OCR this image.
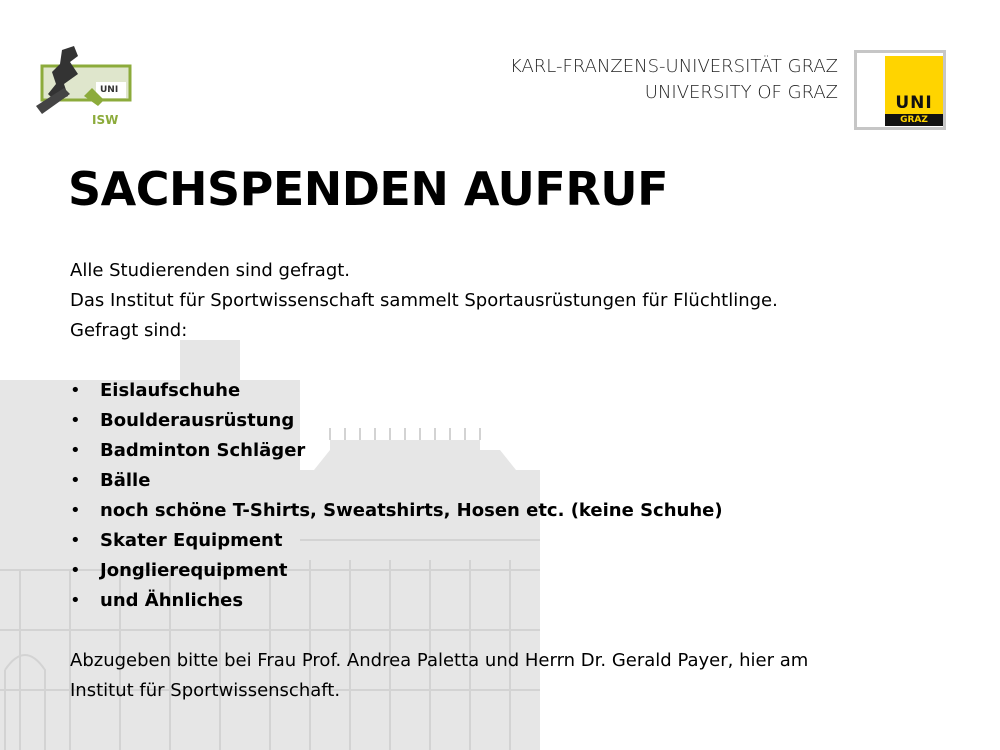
UNI
ISW
KARL-FRANZENS-UNIVERSITÄT GRAZ
UNIVERSITY OF GRAZ	UNI
GRAZ
SACHSPENDEN AUFRUF

Alle Studierenden sind gefragt.

Das Institut für Sportwissenschaft sammelt Sportausrüstungen für Flüchtlinge.

Gefragt sind:

• Eislaufschuhe
• Boulderausrüstung
• Badminton Schläger
• Bälle
• noch schöne T-Shirts, Sweatshirts, Hosen etc. (keine Schuhe)
• Skater Equipment
• Jonglierequipment
• und Ähnliches

Abzugeben bitte bei Frau Prof. Andrea Paletta und Herrn Dr. Gerald Payer, hier am

Institut für Sportwissenschaft.
